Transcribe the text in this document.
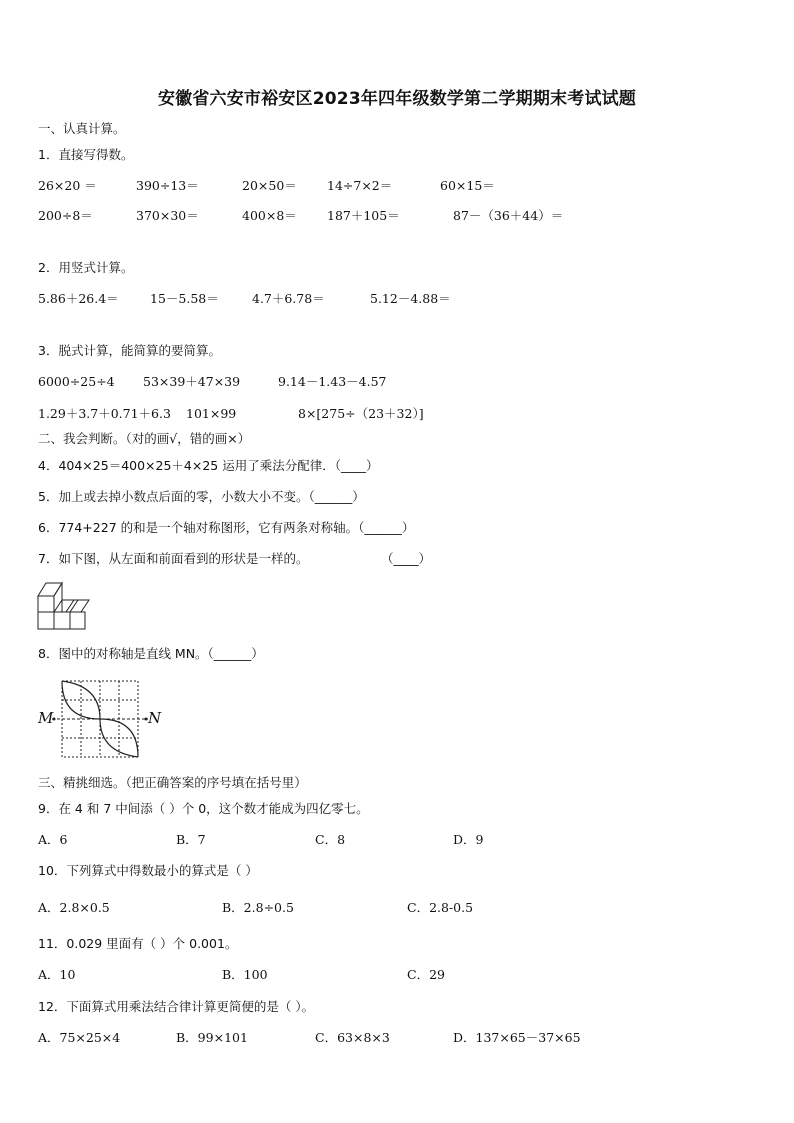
安徽省六安市裕安区2023年四年级数学第二学期期末考试试题
一、认真计算。
1．直接写得数。
26×20 ＝	390÷13＝	20×50＝ 14÷7×2＝	60×15＝
200÷8＝	370×30＝	400×8＝ 187＋105＝	87－（36＋44）＝
2．用竖式计算。
5.86＋26.4＝	15－5.58＝	4.7＋6.78＝	5.12－4.88＝
3．脱式计算，能简算的要简算。
6000÷25÷4 53×39＋47×39	9.14－1.43－4.57
1.29＋3.7＋0.71＋6.3 101×99	8×[275÷（23＋32）]
二、我会判断。（对的画√，错的画×）
4．404×25＝400×25＋4×25 运用了乘法分配律．（____）
5．加上或去掉小数点后面的零，小数大小不变。（______）
6．774+227 的和是一个轴对称图形，它有两条对称轴。（______）
7．如下图，从左面和前面看到的形状是一样的。	（____）
8．图中的对称轴是直线 MN。（______）
M	N
三、精挑细选。（把正确答案的序号填在括号里）
9．在 4 和 7 中间添（ ）个 0，这个数才能成为四亿零七。
A．6	B．7	C．8	D．9
10．下列算式中得数最小的算式是（ ）
A．2.8×0.5	B．2.8÷0.5	C．2.8-0.5
11．0.029 里面有（ ）个 0.001。
A．10	B．100	C．29
12．下面算式用乘法结合律计算更简便的是（ ）。
A．75×25×4	B．99×101	C．63×8×3	D．137×65－37×65
